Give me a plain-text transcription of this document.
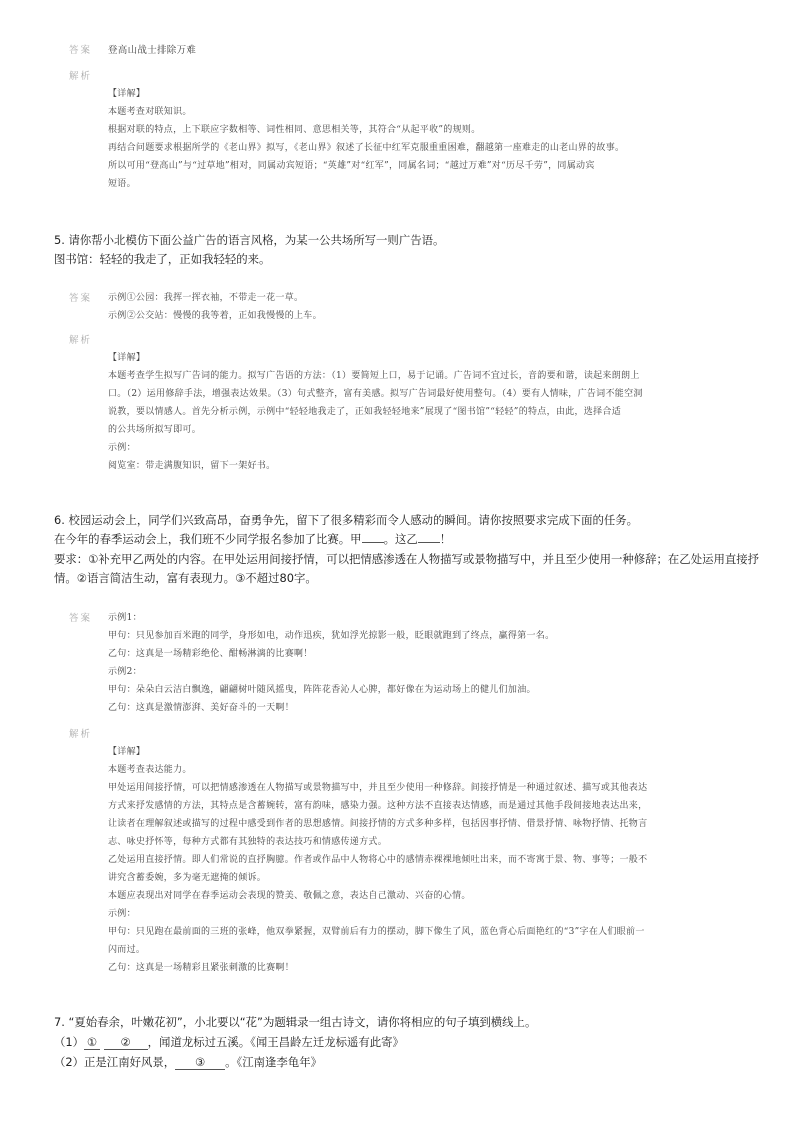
答案 登高山战士排除万难
解析
【详解】
本题考查对联知识。
根据对联的特点，上下联应字数相等、词性相同、意思相关等，其符合“从起平收”的规则。
再结合问题要求根据所学的《老山界》拟写，《老山界》叙述了长征中红军克服重重困难，翻越第一座难走的山老山界的故事。
所以可用“登高山”与“过草地”相对，同属动宾短语；“英雄”对“红军”，同属名词；“越过万难”对“历尽千劳”，同属动宾
短语。
5. 请你帮小北模仿下面公益广告的语言风格，为某一公共场所写一则广告语。
图书馆：轻轻的我走了，正如我轻轻的来。
答案 示例①公园：我挥一挥衣袖，不带走一花一草。
示例②公交站：慢慢的我等着，正如我慢慢的上车。
解析
【详解】
本题考查学生拟写广告词的能力。拟写广告语的方法：（1）要简短上口，易于记诵。广告词不宜过长，音韵要和谐，读起来朗朗上
口。（2）运用修辞手法，增强表达效果。（3）句式整齐，富有美感。拟写广告词最好使用整句。（4）要有人情味，广告词不能空洞
说教，要以情感人。首先分析示例，示例中“轻轻地我走了，正如我轻轻地来”展现了“图书馆”“轻轻”的特点，由此，选择合适
的公共场所拟写即可。
示例：
阅览室：带走满腹知识，留下一架好书。
6. 校园运动会上，同学们兴致高昂，奋勇争先，留下了很多精彩而令人感动的瞬间。请你按照要求完成下面的任务。
在今年的春季运动会上，我们班不少同学报名参加了比赛。甲 。这乙 ！
要求：①补充甲乙两处的内容。在甲处运用间接抒情，可以把情感渗透在人物描写或景物描写中，并且至少使用一种修辞；在乙处运用直接抒
情。②语言简洁生动，富有表现力。③不超过80字。
答案 示例1：
甲句：只见参加百米跑的同学，身形如电，动作迅疾，犹如浮光掠影一般，眨眼就跑到了终点，赢得第一名。
乙句：这真是一场精彩绝伦、酣畅淋漓的比赛啊！
示例2：
甲句：朵朵白云洁白飘逸，翩翩树叶随风摇曳，阵阵花香沁人心脾，都好像在为运动场上的健儿们加油。
乙句：这真是激情澎湃、美好奋斗的一天啊！
解析
【详解】
本题考查表达能力。
甲处运用间接抒情，可以把情感渗透在人物描写或景物描写中，并且至少使用一种修辞。间接抒情是一种通过叙述、描写或其他表达
方式来抒发感情的方法，其特点是含蓄婉转，富有韵味，感染力强。这种方法不直接表达情感，而是通过其他手段间接地表达出来，
让读者在理解叙述或描写的过程中感受到作者的思想感情。间接抒情的方式多种多样，包括因事抒情、借景抒情、咏物抒情、托物言
志、咏史抒怀等，每种方式都有其独特的表达技巧和情感传递方式。
乙处运用直接抒情。即人们常说的直抒胸臆。作者或作品中人物将心中的感情赤裸裸地倾吐出来，而不寄寓于景、物、事等；一般不
讲究含蓄委婉，多为毫无遮掩的倾诉。
本题应表现出对同学在春季运动会表现的赞美、敬佩之意，表达自己激动、兴奋的心情。
示例：
甲句：只见跑在最前面的三班的张峰，他双拳紧握，双臂前后有力的摆动，脚下像生了风，蓝色背心后面艳红的“3”字在人们眼前一
闪而过。
乙句：这真是一场精彩且紧张刺激的比赛啊！
7. “夏始春余，叶嫩花初”，小北要以“花”为题辑录一组古诗文，请你将相应的句子填到横线上。
（1） ① ② ，闻道龙标过五溪。《闻王昌龄左迁龙标遥有此寄》
（2）正是江南好风景， ③ 。《江南逢李龟年》
